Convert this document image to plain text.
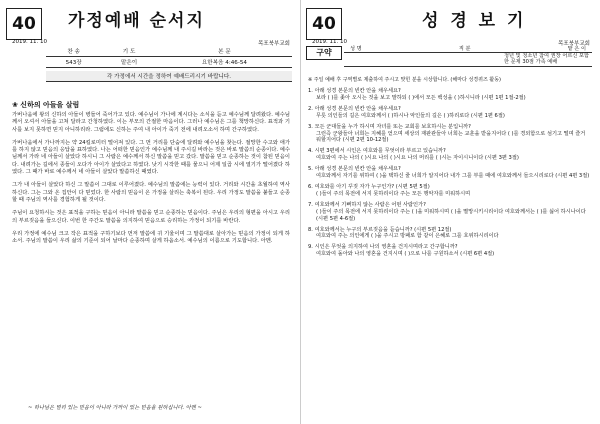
40	가정예배 순서지
2019. 11. 10	목포북부교회
찬 송	기 도	본 문
543장	맡은이	요한복음 4:46-54
각 가정에서 시간을 정하여 예배드리시기 바랍니다.
❀ 신하의 아들을 살림

가버나움에 왕의 신하의 아들이 병들어 죽어가고 있다. 예수님이 가나에 계시다는 소식을 듣고 예수님께 달려왔다. 예수님께서 오셔서 아들을 고쳐 달라고 간청하였다. 이는 부모의 간절한 마음이다. 그러나 예수님은 그를 책망하신다. 표적과 기사를 보지 못하면 믿지 아니하리라. 그럼에도 신하는 주여 내 아이가 죽기 전에 내려오소서 하며 간구하였다.

가버나움에서 가나까지는 약 24킬로미터 떨어져 있다. 그 먼 거리를 단숨에 달려와 예수님을 찾는다. 절망한 수고와 애가를 하지 않고 믿음의 응답을 표하였다. 나는 어떠한 믿음인가 예수님께 내 주시길 바라는 것은 바로 말씀의 순종이다. 예수님께서 가라 네 아들이 살았다 하시니 그 사람은 예수께서 하신 말씀을 믿고 갔다. 말씀을 믿고 순종하는 것이 참된 믿음이다. 내려가는 길에서 종들이 오다가 아이가 살았다고 하였다. 낫기 시작한 때를 물으니 어제 일곱 시에 열기가 떨어졌다 하였다. 그 때가 바로 예수께서 네 아들이 살았다 말씀하신 때였다.

그가 내 아들이 살았다 하신 그 말씀이 그대로 이루어졌다. 예수님의 말씀에는 능력이 있다. 거리와 시간을 초월하여 역사하신다. 그는 그와 온 집안이 다 믿었다. 한 사람의 믿음이 온 가정을 살리는 축복이 된다. 우리 가정도 말씀을 붙들고 순종할 때 주님의 역사를 경험하게 될 것이다.

주님이 요청하시는 것은 표적을 구하는 믿음이 아니라 말씀을 믿고 순종하는 믿음이다. 주님은 우리의 형편을 아시고 우리의 부르짖음을 들으신다. 이번 한 주간도 말씀을 의지하여 믿음으로 승리하는 가정이 되기를 바란다.

우리 가정에 예수님 크고 작은 표적을 구하기보다 먼저 말씀에 귀 기울이며 그 말씀대로 살아가는 믿음의 가정이 되게 하소서. 주님의 말씀이 우리 삶의 기준이 되어 날마다 순종하며 살게 하옵소서. 예수님의 이름으로 기도합니다. 아멘.

~ 하나님은 멀리 있는 믿음이 아니라 가까이 있는 믿음을 원하십니다. 아멘 ~
40	성 경 보 기
2019. 11. 10	목포북부교회
구약	성 명	직 분	맡 은 이
청년 및 청소년 참여 권장 어르신 포함
한 문제 30점 가족 예배
※ 주일 예배 후 구역별로 제출하여 주시고 맞힌 분을 시상합니다. (해마다 성경퀴즈 활동)

1. 아래 성경 본문의 빈칸 안을 채우세요?

보라 ( )를 좇아 오시는 것을 보고 말하되 ( )에서 모든 백성을 ( )하시니라 (시편 1편 1절-2절)

2. 아래 성경 본문의 빈칸 안을 채우세요?

무릇 의인들의 길은 여호와께서 ( )하시나 악인들의 길은 ( )하리로다 (시편 1편 6절)

3. 모든 군대들을 누가 하시며 자녀를 또는 교회를 보호하시는 분입니까?

그런즉 군왕들아 너희는 지혜를 얻으며 세상의 재판관들아 너희는 교훈을 받을지어다 ( )를 경외함으로 섬기고 떨며 즐거워할지어다 (시편 2편 10-12절)

4. 시편 3편에서 시인은 여호와를 무엇이라 부르고 있습니까?

여호와여 주는 나의 ( )시요 나의 ( )시요 나의 머리를 ( )시는 자이시니이다 (시편 3편 3절)

5. 아래 성경 본문의 빈칸 안을 채우세요?

여호와께서 자기를 위하여 ( )을 택하신 줄 너희가 알지어다 내가 그를 부를 때에 여호와께서 들으시리로다 (시편 4편 3절)

6. 여호와를 아기 꾸짖 자가 누구인가? (시편 5편 5절)

( )들이 주의 목전에 서지 못하리이다 주는 모든 행악자를 미워하시며

7. 여호와께서 기뻐하지 않는 사람은 어떤 사람인가?

( )들이 주의 목전에 서지 못하리이다 주는 ( )을 미워하시며 ( )을 멸망시키시리이다 여호와께서는 ( )를 싫어 하시나이다 (시편 5편 4-6절)

8. 여호와께서는 누구의 부르짖음을 듣습니까? (시편 5편 12절)

여호와여 주는 의인에게 ( )을 주시고 방패로 함 같이 은혜로 그를 호위하시리이다

9. 시인은 무엇을 의지하여 나의 영혼을 건지시며라고 간구합니까?

여호와여 돌아와 나의 영혼을 건지시며 ( )으로 나를 구원하소서 (시편 6편 4절)
